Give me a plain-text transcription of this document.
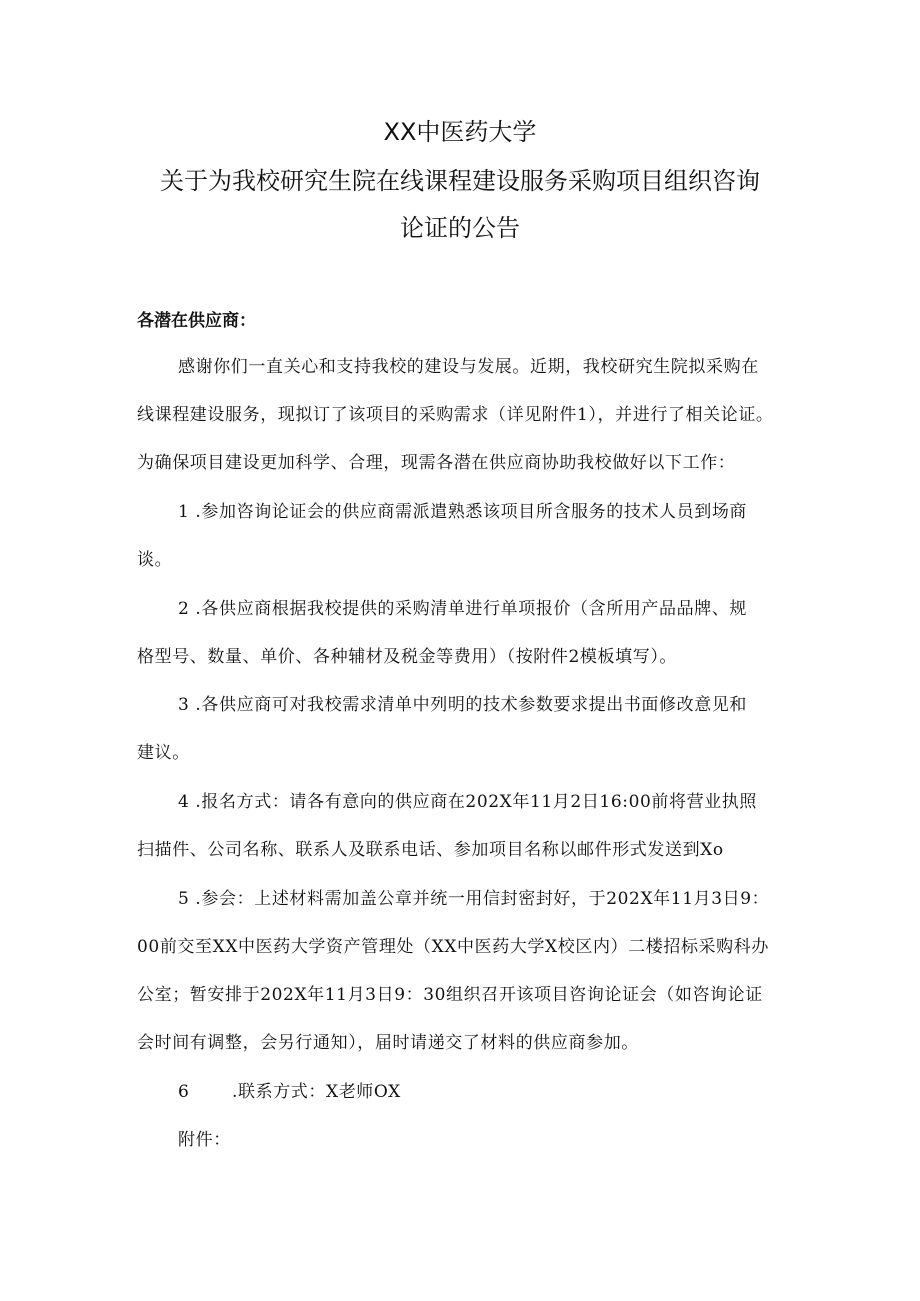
XX中医药大学
关于为我校研究生院在线课程建设服务采购项目组织咨询
论证的公告
各潜在供应商：
感谢你们一直关心和支持我校的建设与发展。近期，我校研究生院拟采购在
线课程建设服务，现拟订了该项目的采购需求（详见附件1），并进行了相关论证。
为确保项目建设更加科学、合理，现需各潜在供应商协助我校做好以下工作：
1 .参加咨询论证会的供应商需派遣熟悉该项目所含服务的技术人员到场商
谈。
2 .各供应商根据我校提供的采购清单进行单项报价（含所用产品品牌、规
格型号、数量、单价、各种辅材及税金等费用）（按附件2模板填写）。
3 .各供应商可对我校需求清单中列明的技术参数要求提出书面修改意见和
建议。
4 .报名方式：请各有意向的供应商在202X年11月2日16:00前将营业执照
扫描件、公司名称、联系人及联系电话、参加项目名称以邮件形式发送到Xo
5 .参会：上述材料需加盖公章并统一用信封密封好，于202X年11月3日9：
00前交至XX中医药大学资产管理处（XX中医药大学X校区内）二楼招标采购科办
公室；暂安排于202X年11月3日9：30组织召开该项目咨询论证会（如咨询论证
会时间有调整，会另行通知），届时请递交了材料的供应商参加。
6	.联系方式：X老师OX
附件：
